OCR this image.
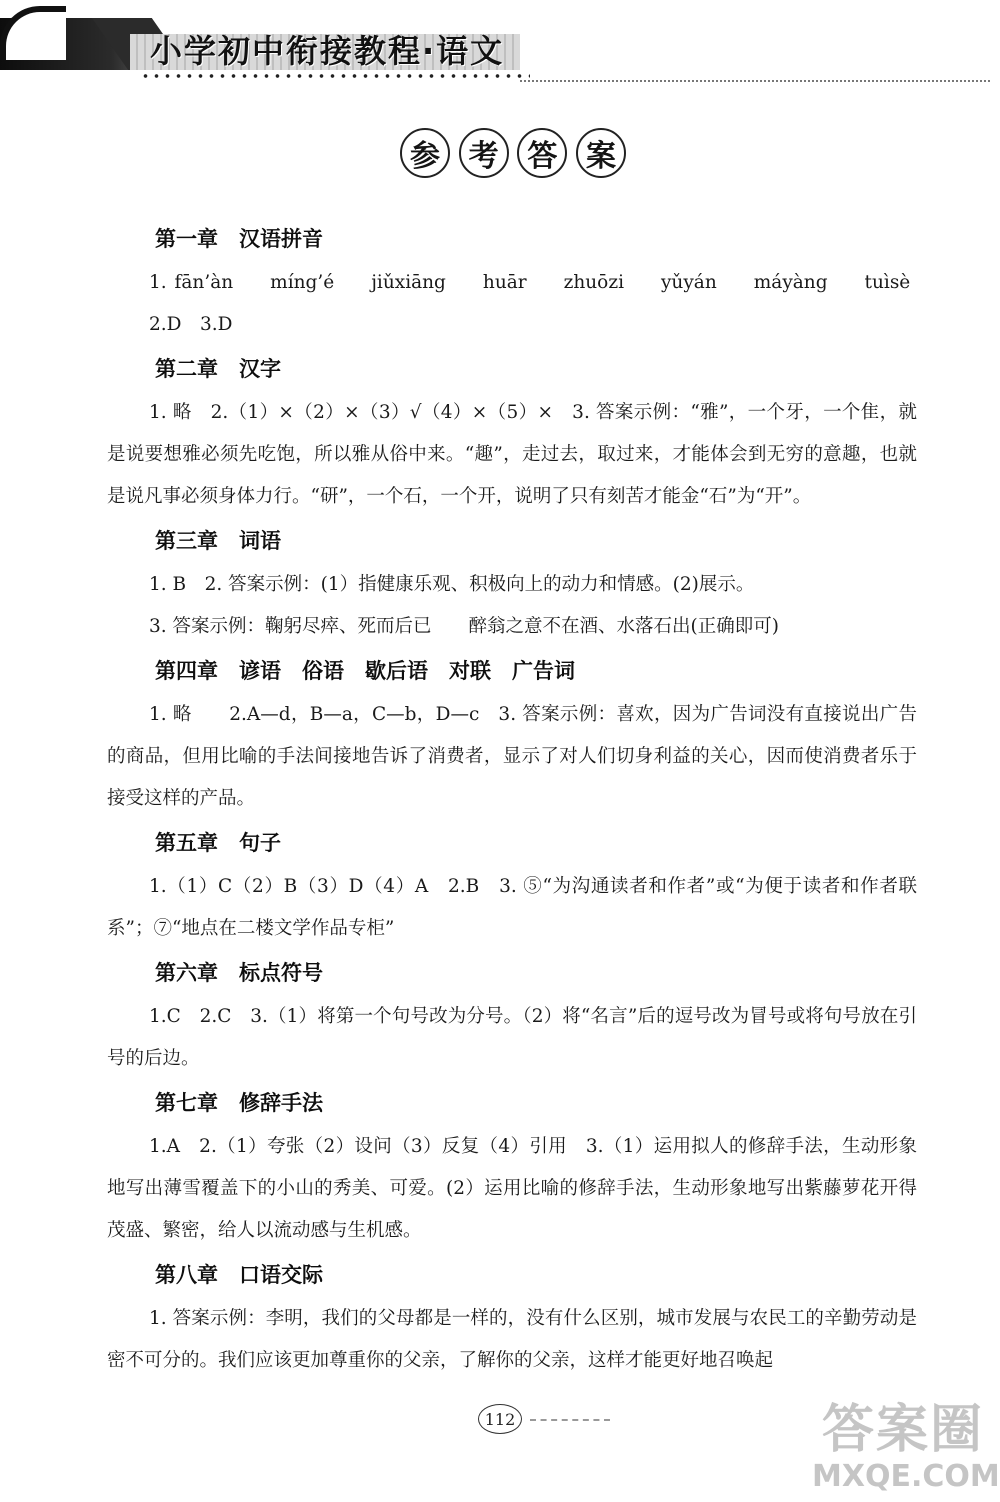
小学初中衔接教程·语文
参 考 答 案
第一章　汉语拼音

1. fān’àn　　míng’é　　jiǔxiāng　　huār　　zhuōzi　　yǔyán　　máyàng　　tuìsè

2.D　3.D

第二章　汉字

1. 略　2.（1）×（2）×（3）√（4）×（5）×　3. 答案示例：“雅”，一个牙，一个隹，就是说要想雅必须先吃饱，所以雅从俗中来。“趣”，走过去，取过来，才能体会到无穷的意趣，也就是说凡事必须身体力行。“研”，一个石，一个开，说明了只有刻苦才能金“石”为“开”。

第三章　词语

1. B　2. 答案示例：(1）指健康乐观、积极向上的动力和情感。(2)展示。

3. 答案示例：鞠躬尽瘁、死而后已　　醉翁之意不在酒、水落石出(正确即可)

第四章　谚语　俗语　歇后语　对联　广告词

1. 略　　2.A—d，B—a，C—b，D—c　3. 答案示例：喜欢，因为广告词没有直接说出广告的商品，但用比喻的手法间接地告诉了消费者，显示了对人们切身利益的关心，因而使消费者乐于接受这样的产品。

第五章　句子

1.（1）C（2）B（3）D（4）A　2.B　3. ⑤“为沟通读者和作者”或“为便于读者和作者联系”；⑦“地点在二楼文学作品专柜”

第六章　标点符号

1.C　2.C　3.（1）将第一个句号改为分号。（2）将“名言”后的逗号改为冒号或将句号放在引号的后边。

第七章　修辞手法

1.A　2.（1）夸张（2）设问（3）反复（4）引用　3.（1）运用拟人的修辞手法，生动形象地写出薄雪覆盖下的小山的秀美、可爱。(2）运用比喻的修辞手法，生动形象地写出紫藤萝花开得茂盛、繁密，给人以流动感与生机感。

第八章　口语交际

1. 答案示例：李明，我们的父母都是一样的，没有什么区别，城市发展与农民工的辛勤劳动是密不可分的。我们应该更加尊重你的父亲，了解你的父亲，这样才能更好地召唤起

112	答案圈
MXQE.COM
